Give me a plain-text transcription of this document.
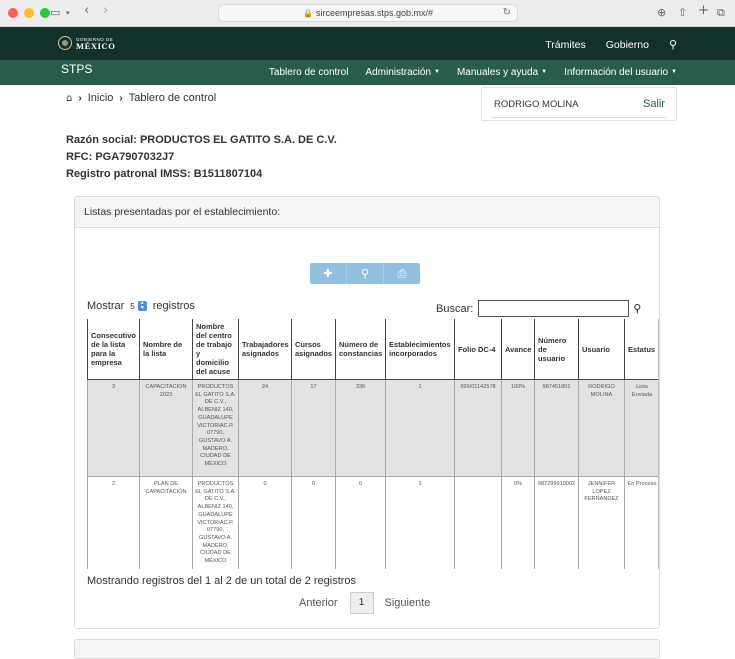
▭ ▾ ‹ ›	🔒 sirceempresas.stps.gob.mx/#	↻	⊕ ⇧ + ⧉
GOBIERNO DE
MÉXICO	Trámites Gobierno ⚲
STPS	Tablero de control Administración ▼ Manuales y ayuda ▼ Información del usuario ▼
⌂ › Inicio › Tablero de control
RODRIGO MOLINA	Salir
Razón social: PRODUCTOS EL GATITO S.A. DE C.V.
RFC: PGA7907032J7
Registro patronal IMSS: B1511807104
Listas presentadas por el establecimiento:
✚	⚲	⎙
Mostrar 5 ▴
▾ registros	Buscar:	⚲
Consecutivo de la lista para la empresa	Nombre de la lista	Nombre del centro de trabajo y domicilio del acuse	Trabajadores asignados	Cursos asignados	Número de constancias	Establecimientos incorporados	Folio DC-4	Avance	Número de usuario	Usuario	Estatus
3	CAPACITACION 2023	PRODUCTOS EL GATITO S.A. DE C.V., ALBENIZ 140, GUADALUPE VICTORIAC.P. 07790, GUSTAVO A. MADERO, CIUDAD DE MÉXICO	24	17	336	1	999/01142578	100%	987451801	RODRIGO MOLINA	Lista Enviada
2	PLAN DE CAPACITACIÓN	PRODUCTOS EL GATITO S.A. DE C.V., ALBENIZ 140, GUADALUPE VICTORIAC.P. 07790, GUSTAVO A. MADERO, CIUDAD DE MÉXICO	0	0	0	1		0%	987299910002	JENNIFER LOPEZ FERNANDEZ	En Proceso
Mostrando registros del 1 al 2 de un total de 2 registros
Anterior	1	Siguiente
